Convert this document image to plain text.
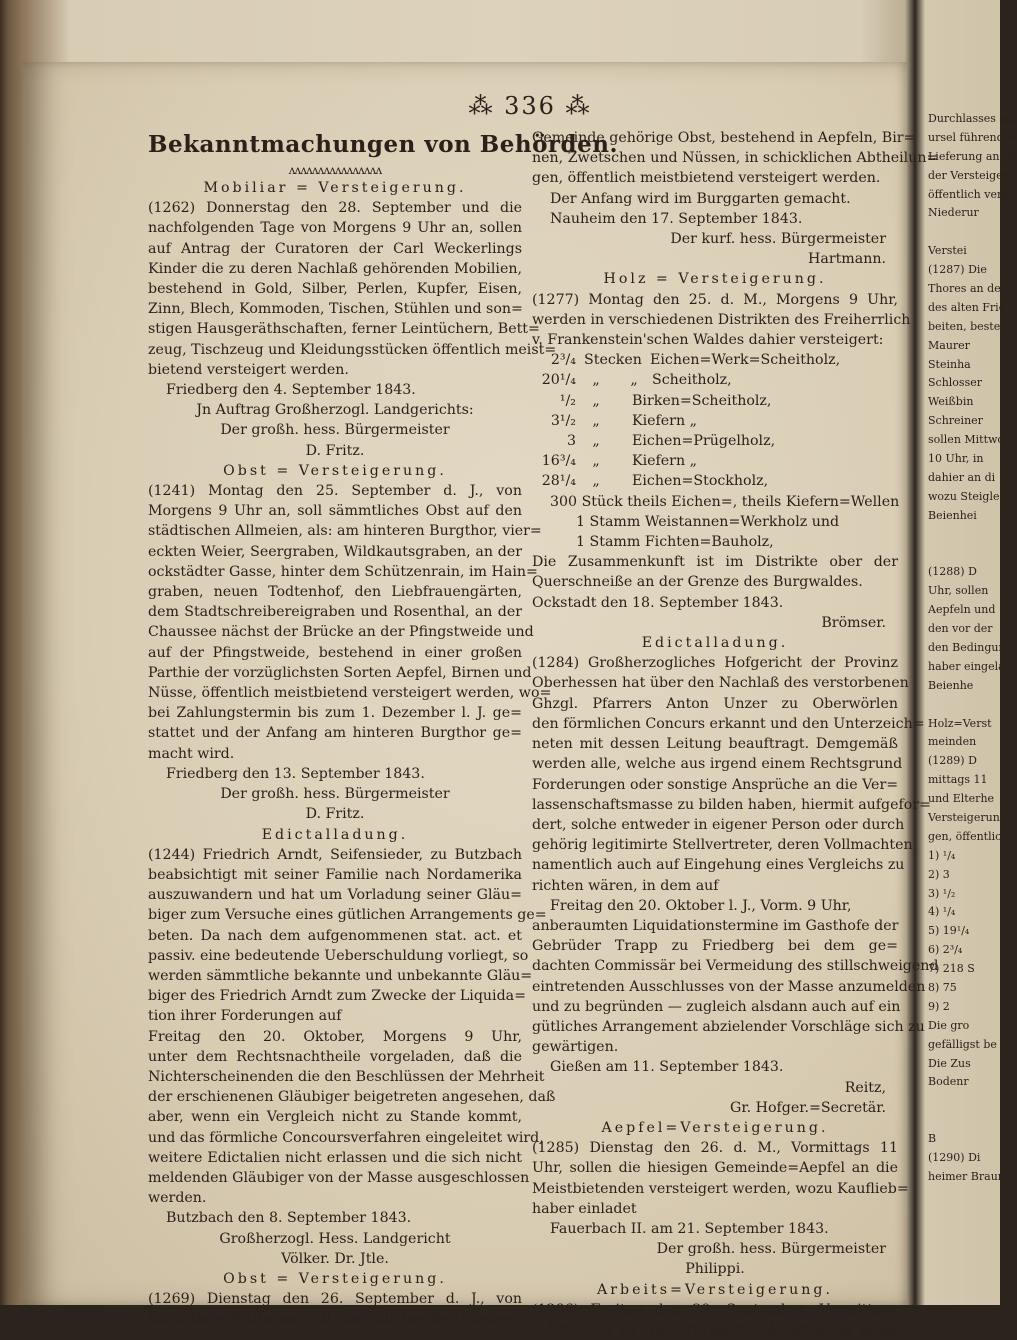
⁂ 336 ⁂
Bekanntmachungen von Behörden.
ᴧᴧᴧᴧᴧᴧᴧᴧᴧᴧᴧᴧᴧᴧᴧᴧ
Mobiliar = Versteigerung.
(1262) Donnerstag den 28. September und die
nachfolgenden Tage von Morgens 9 Uhr an, sollen
auf Antrag der Curatoren der Carl Weckerlings
Kinder die zu deren Nachlaß gehörenden Mobilien,
bestehend in Gold, Silber, Perlen, Kupfer, Eisen,
Zinn, Blech, Kommoden, Tischen, Stühlen und son=
stigen Hausgeräthschaften, ferner Leintüchern, Bett=
zeug, Tischzeug und Kleidungsstücken öffentlich meist=
bietend versteigert werden.
Friedberg den 4. September 1843.
Jn Auftrag Großherzogl. Landgerichts:
Der großh. hess. Bürgermeister
D. Fritz.
Obst = Versteigerung.
(1241) Montag den 25. September d. J., von
Morgens 9 Uhr an, soll sämmtliches Obst auf den
städtischen Allmeien, als: am hinteren Burgthor, vier=
eckten Weier, Seergraben, Wildkautsgraben, an der
ockstädter Gasse, hinter dem Schützenrain, im Hain=
graben, neuen Todtenhof, den Liebfrauengärten,
dem Stadtschreibereigraben und Rosenthal, an der
Chaussee nächst der Brücke an der Pfingstweide und
auf der Pfingstweide, bestehend in einer großen
Parthie der vorzüglichsten Sorten Aepfel, Birnen und
Nüsse, öffentlich meistbietend versteigert werden, wo=
bei Zahlungstermin bis zum 1. Dezember l. J. ge=
stattet und der Anfang am hinteren Burgthor ge=
macht wird.
Friedberg den 13. September 1843.
Der großh. hess. Bürgermeister
D. Fritz.
Edictalladung.
(1244) Friedrich Arndt, Seifensieder, zu Butzbach
beabsichtigt mit seiner Familie nach Nordamerika
auszuwandern und hat um Vorladung seiner Gläu=
biger zum Versuche eines gütlichen Arrangements ge=
beten. Da nach dem aufgenommenen stat. act. et
passiv. eine bedeutende Ueberschuldung vorliegt, so
werden sämmtliche bekannte und unbekannte Gläu=
biger des Friedrich Arndt zum Zwecke der Liquida=
tion ihrer Forderungen auf
Freitag den 20. Oktober, Morgens 9 Uhr,
unter dem Rechtsnachtheile vorgeladen, daß die
Nichterscheinenden die den Beschlüssen der Mehrheit
der erschienenen Gläubiger beigetreten angesehen, daß
aber, wenn ein Vergleich nicht zu Stande kommt,
und das förmliche Concoursverfahren eingeleitet wird,
weitere Edictalien nicht erlassen und die sich nicht
meldenden Gläubiger von der Masse ausgeschlossen
werden.
Butzbach den 8. September 1843.
Großherzogl. Hess. Landgericht
Völker. Dr. Jtle.
Obst = Versteigerung.
(1269) Dienstag den 26. September d. J., von
Vormittags 9 Uhr an, soll sämmtliches der hiesigen
Gemeinde gehörige Obst, bestehend in Aepfeln, Bir=
nen, Zwetschen und Nüssen, in schicklichen Abtheilun=
gen, öffentlich meistbietend versteigert werden.
Der Anfang wird im Burggarten gemacht.
Nauheim den 17. September 1843.
Der kurf. hess. Bürgermeister
Hartmann.
Holz = Versteigerung.
(1277) Montag den 25. d. M., Morgens 9 Uhr,
werden in verschiedenen Distrikten des Freiherrlich
v. Frankenstein'schen Waldes dahier versteigert:
2³/₄ Stecken Eichen=Werk=Scheitholz,
20¹/₄	„	„	Scheitholz,
¹/₂	„	Birken=Scheitholz,
3¹/₂	„	Kiefern „
3	„	Eichen=Prügelholz,
16³/₄	„	Kiefern „
28¹/₄	„	Eichen=Stockholz,
300 Stück theils Eichen=, theils Kiefern=Wellen
1 Stamm Weistannen=Werkholz und
1 Stamm Fichten=Bauholz,
Die Zusammenkunft ist im Distrikte ober der
Querschneiße an der Grenze des Burgwaldes.
Ockstadt den 18. September 1843.
Brömser.
Edictalladung.
(1284) Großherzogliches Hofgericht der Provinz
Oberhessen hat über den Nachlaß des verstorbenen
Ghzgl. Pfarrers Anton Unzer zu Oberwörlen
den förmlichen Concurs erkannt und den Unterzeich=
neten mit dessen Leitung beauftragt. Demgemäß
werden alle, welche aus irgend einem Rechtsgrund
Forderungen oder sonstige Ansprüche an die Ver=
lassenschaftsmasse zu bilden haben, hiermit aufgefor=
dert, solche entweder in eigener Person oder durch
gehörig legitimirte Stellvertreter, deren Vollmachten
namentlich auch auf Eingehung eines Vergleichs zu
richten wären, in dem auf
Freitag den 20. Oktober l. J., Vorm. 9 Uhr,
anberaumten Liquidationstermine im Gasthofe der
Gebrüder Trapp zu Friedberg bei dem ge=
dachten Commissär bei Vermeidung des stillschweigend
eintretenden Ausschlusses von der Masse anzumelden
und zu begründen — zugleich alsdann auch auf ein
gütliches Arrangement abzielender Vorschläge sich zu
gewärtigen.
Gießen am 11. September 1843.
Reitz,
Gr. Hofger.=Secretär.
Aepfel=Versteigerung.
(1285) Dienstag den 26. d. M., Vormittags 11
Uhr, sollen die hiesigen Gemeinde=Aepfel an die
Meistbietenden versteigert werden, wozu Kauflieb=
haber einladet
Fauerbach II. am 21. September 1843.
Der großh. hess. Bürgermeister
Philippi.
Arbeits=Versteigerung.
(1286) Freitag den 29. September, Vormittags
9 Uhr, soll zu Niederursel die Anfertigung eines
Durchlasses auf
ursel führenden
Lieferung an de
der Versteigeru
öffentlich verge
Niederur
Verstei
(1287) Die
Thores an de
des alten Frie
beiten, beste
Maurer
Steinha
Schlosser
Weißbin
Schreiner
sollen Mittwo
10 Uhr, in
dahier an di
wozu Steigle
Beienhei
(1288) D
Uhr, sollen
Aepfeln und
den vor der
den Bedingun
haber eingela
Beienhe
Holz=Verst
meinden
(1289) D
mittags 11
und Elterhe
Versteigerung
gen, öffentlic
1) ¹/₄
2) 3
3) ¹/₂
4) ¹/₄
5) 19¹/₄
6) 2³/₄
7) 218 S
8) 75
9) 2
Die gro
gefälligst be
Die Zus
Bodenr
B
(1290) Di
heimer Braun
